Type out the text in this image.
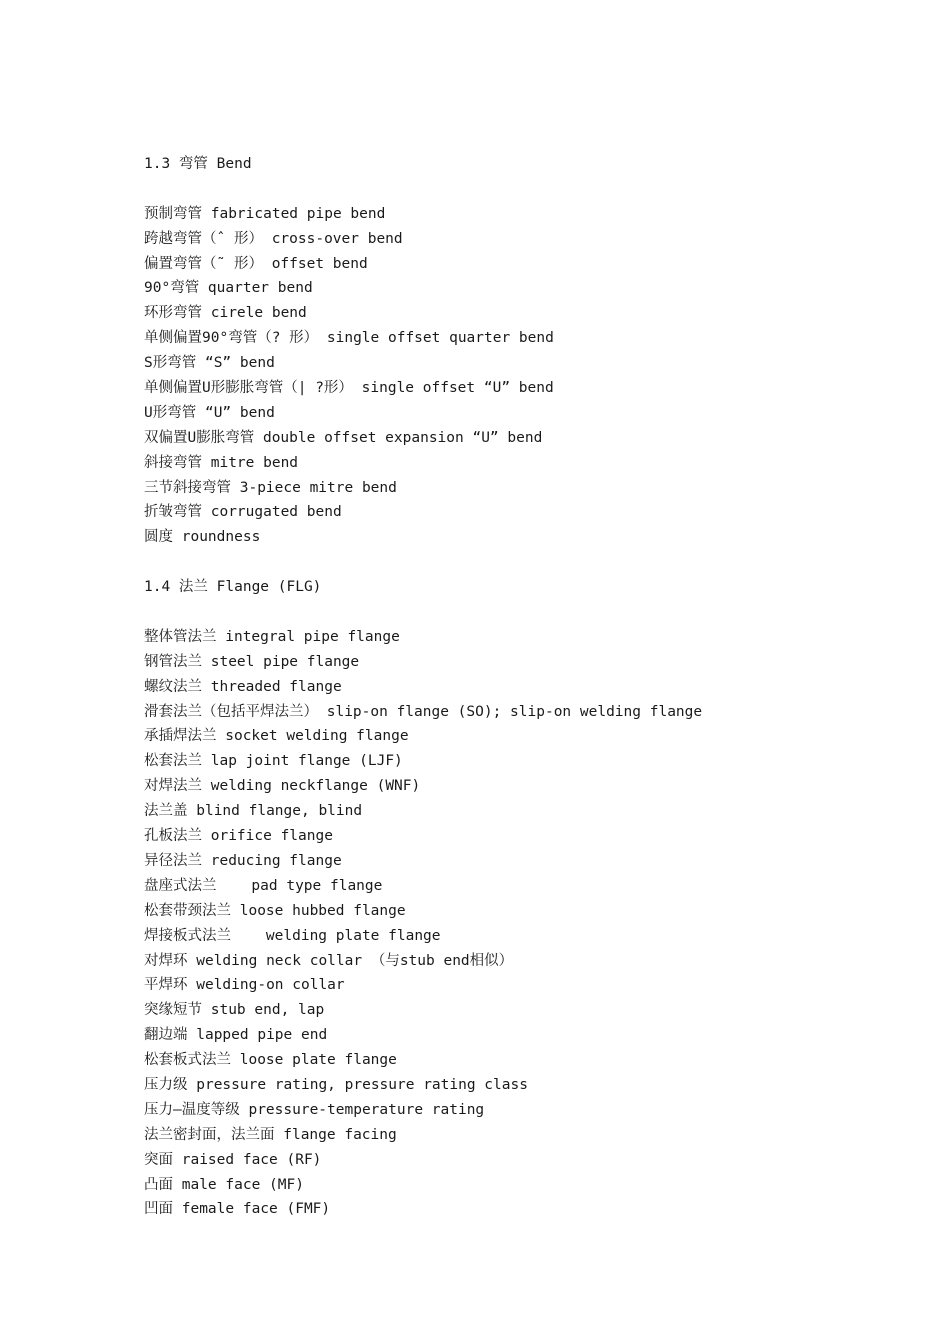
1.3 弯管 Bend
预制弯管 fabricated pipe bend
跨越弯管（ˆ 形） cross-over bend
偏置弯管（˜ 形） offset bend
90°弯管 quarter bend
环形弯管 cirele bend
单侧偏置90°弯管（? 形） single offset quarter bend
S形弯管 “S” bend
单侧偏置U形膨胀弯管（| ?形） single offset “U” bend
U形弯管 “U” bend
双偏置U膨胀弯管 double offset expansion “U” bend
斜接弯管 mitre bend
三节斜接弯管 3-piece mitre bend
折皱弯管 corrugated bend
圆度 roundness
1.4 法兰 Flange (FLG)
整体管法兰 integral pipe flange
钢管法兰 steel pipe flange
螺纹法兰 threaded flange
滑套法兰（包括平焊法兰） slip-on flange (SO); slip-on welding flange
承插焊法兰 socket welding flange
松套法兰 lap joint flange (LJF)
对焊法兰 welding neckflange (WNF)
法兰盖 blind flange, blind
孔板法兰 orifice flange
异径法兰 reducing flange
盘座式法兰    pad type flange
松套带颈法兰 loose hubbed flange
焊接板式法兰    welding plate flange
对焊环 welding neck collar （与stub end相似）
平焊环 welding-on collar
突缘短节 stub end, lap
翻边端 lapped pipe end
松套板式法兰 loose plate flange
压力级 pressure rating, pressure rating class
压力—温度等级 pressure-temperature rating
法兰密封面，法兰面 flange facing
突面 raised face (RF)
凸面 male face (MF)
凹面 female face (FMF)
